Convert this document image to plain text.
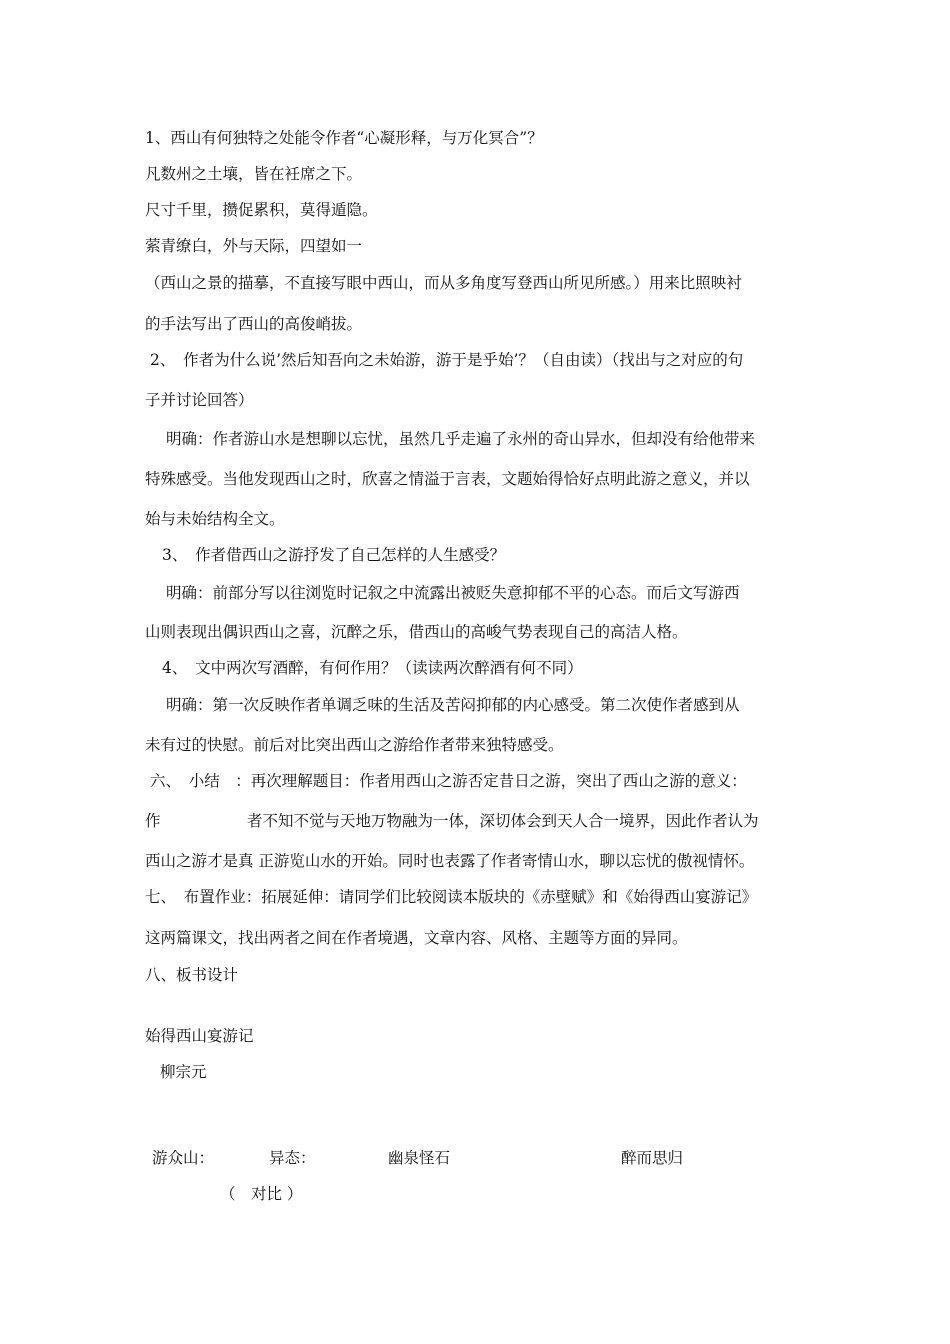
1、西山有何独特之处能令作者“心凝形释，与万化冥合”？
凡数州之土壤，皆在衽席之下。
尺寸千里，攒促累积，莫得遁隐。
萦青缭白，外与天际，四望如一
（西山之景的描摹，不直接写眼中西山，而从多角度写登西山所见所感。）用来比照映衬
的手法写出了西山的高俊峭拔。
2、　作者为什么说’然后知吾向之未始游，游于是乎始’？（自由读）（找出与之对应的句
子并讨论回答）
明确：作者游山水是想聊以忘忧，虽然几乎走遍了永州的奇山异水，但却没有给他带来
特殊感受。当他发现西山之时，欣喜之情溢于言表，文题始得恰好点明此游之意义，并以
始与未始结构全文。
3、　作者借西山之游抒发了自己怎样的人生感受？
明确：前部分写以往浏览时记叙之中流露出被贬失意抑郁不平的心态。而后文写游西
山则表现出偶识西山之喜，沉醉之乐，借西山的高峻气势表现自己的高洁人格。
4、　文中两次写酒醉，有何作用？（读读两次醉酒有何不同）
明确：第一次反映作者单调乏味的生活及苦闷抑郁的内心感受。第二次使作者感到从
未有过的快慰。前后对比突出西山之游给作者带来独特感受。
六、　小结　：再次理解题目：作者用西山之游否定昔日之游，突出了西山之游的意义：
作	者不知不觉与天地万物融为一体，深切体会到天人合一境界，因此作者认为
西山之游才是真 正游览山水的开始。同时也表露了作者寄情山水，聊以忘忧的傲视情怀。
七、　布置作业：拓展延伸：请同学们比较阅读本版块的《赤壁赋》和《始得西山宴游记》
这两篇课文，找出两者之间在作者境遇，文章内容、风格、主题等方面的异同。
八、板书设计
始得西山宴游记
柳宗元
游众山：	异态：	幽泉怪石	醉而思归
（　对比 ）
